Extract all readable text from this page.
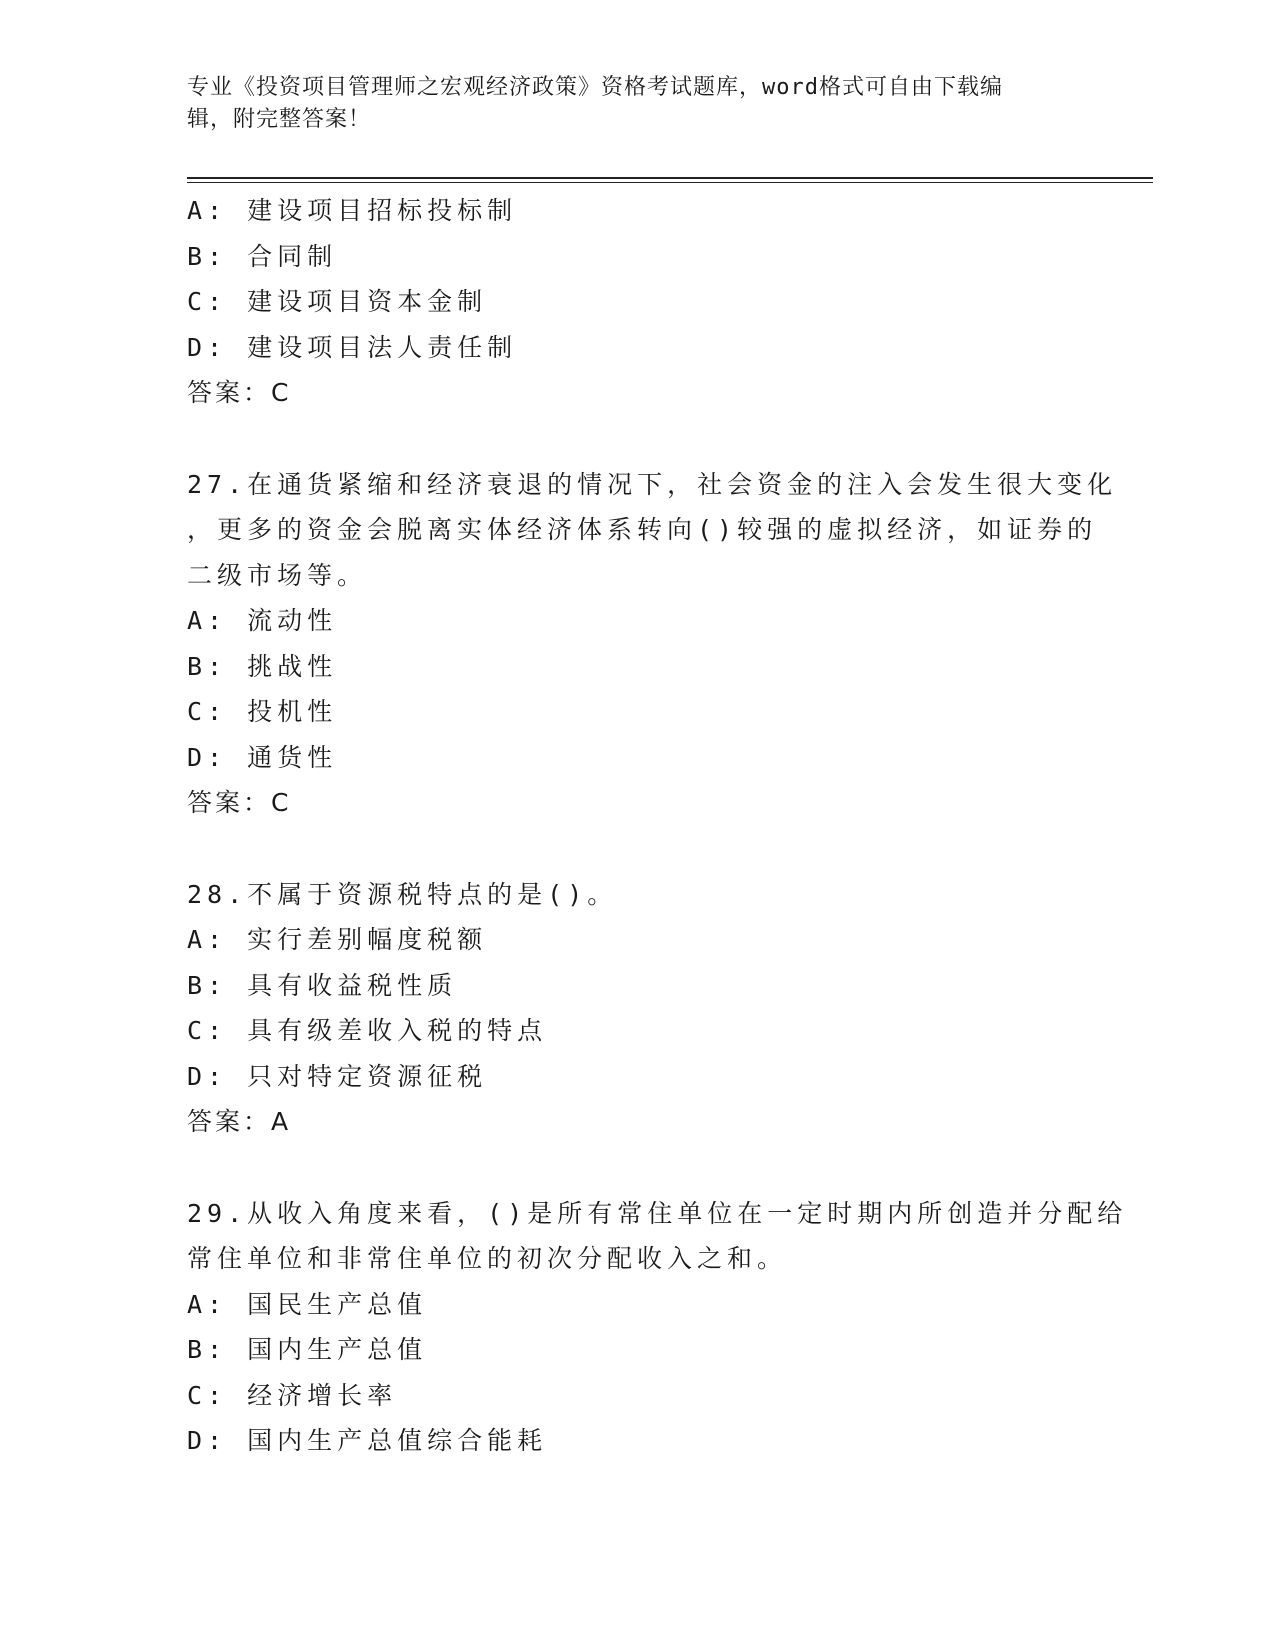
专业《投资项目管理师之宏观经济政策》资格考试题库，word格式可自由下载编
辑，附完整答案！
A: 建设项目招标投标制
B: 合同制
C: 建设项目资本金制
D: 建设项目法人责任制
答案：C
27.在通货紧缩和经济衰退的情况下，社会资金的注入会发生很大变化
，更多的资金会脱离实体经济体系转向()较强的虚拟经济，如证券的
二级市场等。
A: 流动性
B: 挑战性
C: 投机性
D: 通货性
答案：C
28.不属于资源税特点的是()。
A: 实行差别幅度税额
B: 具有收益税性质
C: 具有级差收入税的特点
D: 只对特定资源征税
答案：A
29.从收入角度来看，()是所有常住单位在一定时期内所创造并分配给
常住单位和非常住单位的初次分配收入之和。
A: 国民生产总值
B: 国内生产总值
C: 经济增长率
D: 国内生产总值综合能耗
